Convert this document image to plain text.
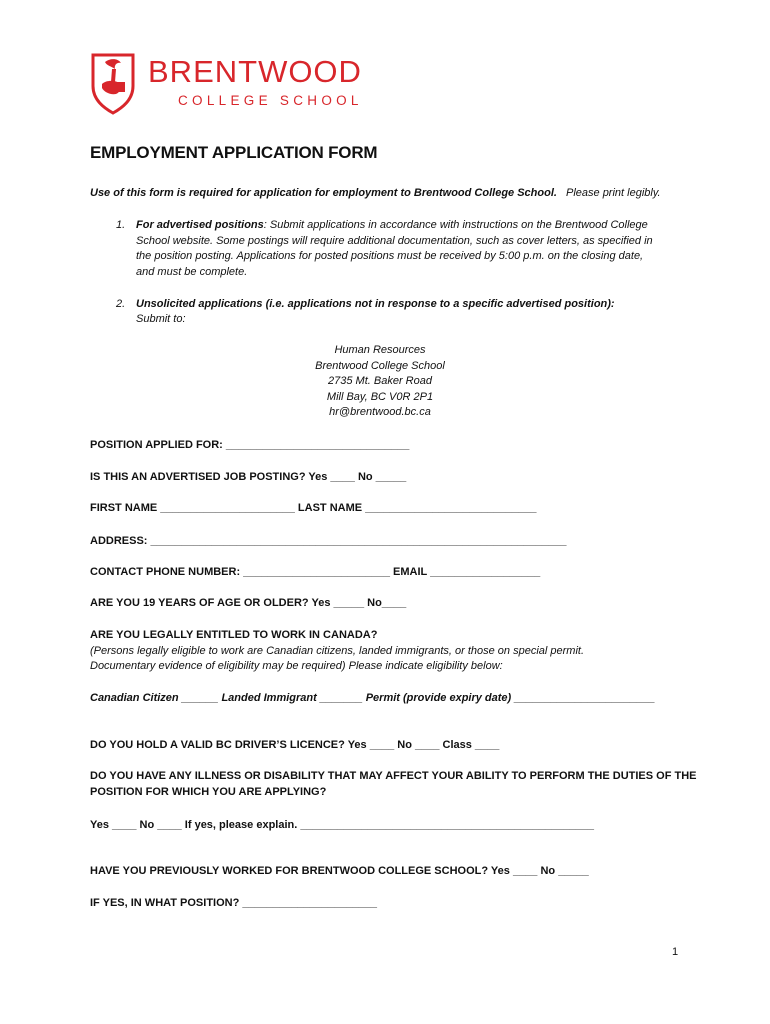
BRENTWOOD
COLLEGE SCHOOL
EMPLOYMENT APPLICATION FORM
Use of this form is required for application for employment to Brentwood College School. Please print legibly.
1. For advertised positions: Submit applications in accordance with instructions on the Brentwood College
School website. Some postings will require additional documentation, such as cover letters, as specified in
the position posting. Applications for posted positions must be received by 5:00 p.m. on the closing date,
and must be complete.
2. Unsolicited applications (i.e. applications not in response to a specific advertised position):
Submit to:
Human Resources
Brentwood College School
2735 Mt. Baker Road
Mill Bay, BC V0R 2P1
hr@brentwood.bc.ca
POSITION APPLIED FOR: ______________________________
IS THIS AN ADVERTISED JOB POSTING? Yes ____ No _____
FIRST NAME ______________________ LAST NAME ____________________________
ADDRESS: ____________________________________________________________________
CONTACT PHONE NUMBER: ________________________ EMAIL __________________
ARE YOU 19 YEARS OF AGE OR OLDER? Yes _____ No____
ARE YOU LEGALLY ENTITLED TO WORK IN CANADA?
(Persons legally eligible to work are Canadian citizens, landed immigrants, or those on special permit.
Documentary evidence of eligibility may be required) Please indicate eligibility below:
Canadian Citizen ______ Landed Immigrant _______ Permit (provide expiry date) _______________________
DO YOU HOLD A VALID BC DRIVER’S LICENCE? Yes ____ No ____ Class ____
DO YOU HAVE ANY ILLNESS OR DISABILITY THAT MAY AFFECT YOUR ABILITY TO PERFORM THE DUTIES OF THE
POSITION FOR WHICH YOU ARE APPLYING?
Yes ____ No ____ If yes, please explain. ________________________________________________
HAVE YOU PREVIOUSLY WORKED FOR BRENTWOOD COLLEGE SCHOOL? Yes ____ No _____
IF YES, IN WHAT POSITION? ______________________
1
